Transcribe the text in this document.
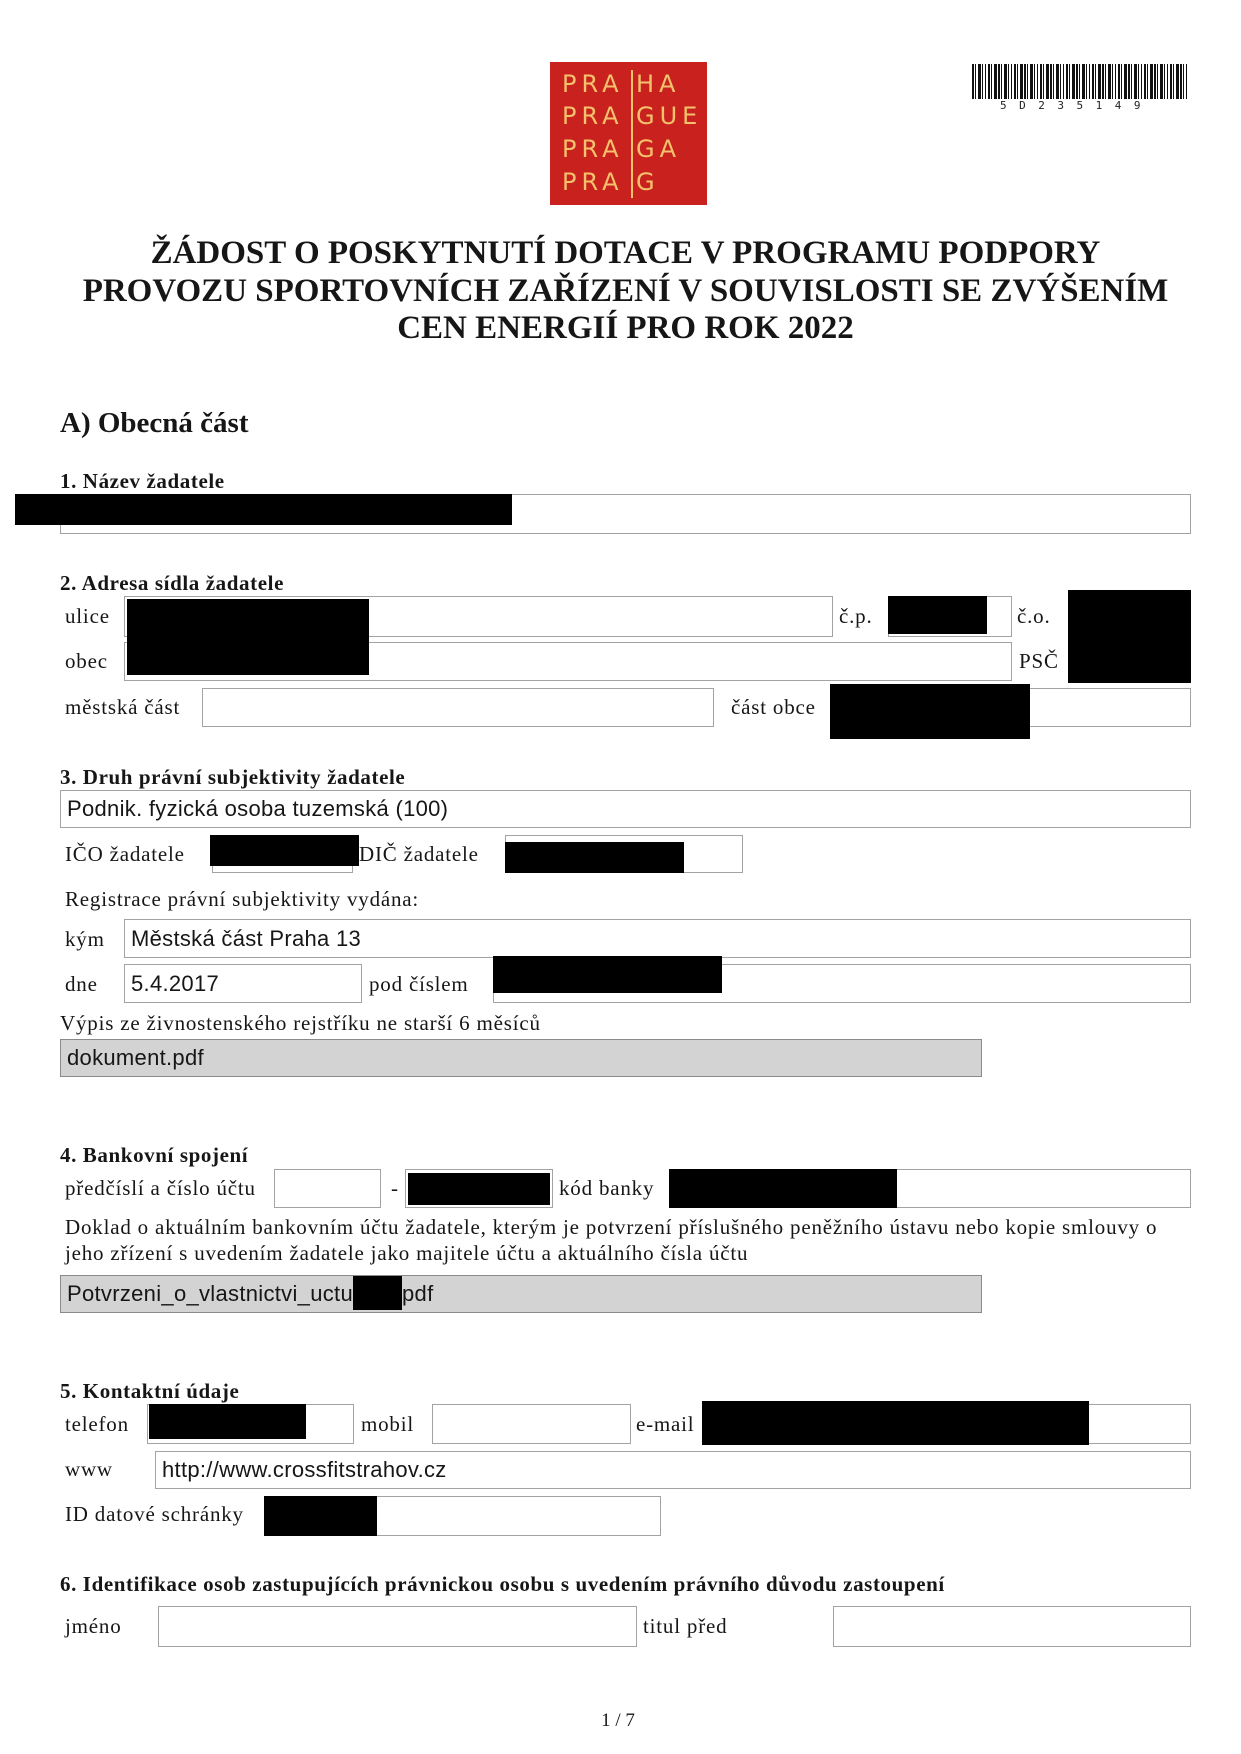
PRA HA
PRA GUE
PRA GA
PRA G
5D235149
ŽÁDOST O POSKYTNUTÍ DOTACE V PROGRAMU PODPORY
PROVOZU SPORTOVNÍCH ZAŘÍZENÍ V SOUVISLOSTI SE ZVÝŠENÍM
CEN ENERGIÍ PRO ROK 2022
A) Obecná část
1. Název žadatele
2. Adresa sídla žadatele
ulice	č.p.	č.o.
obec	PSČ
městská část	část obce
3. Druh právní subjektivity žadatele
Podnik. fyzická osoba tuzemská (100)
IČO žadatele	DIČ žadatele
Registrace právní subjektivity vydána:
kým	Městská část Praha 13
dne	5.4.2017	pod číslem
Výpis ze živnostenského rejstříku ne starší 6 měsíců
dokument.pdf
4. Bankovní spojení
předčíslí a číslo účtu	-	kód banky
Doklad o aktuálním bankovním účtu žadatele, kterým je potvrzení příslušného peněžního ústavu nebo kopie smlouvy o
jeho zřízení s uvedením žadatele jako majitele účtu a aktuálního čísla účtu
Potvrzeni_o_vlastnictvi_uctu pdf
5. Kontaktní údaje
telefon	mobil	e-mail
www	http://www.crossfitstrahov.cz
ID datové schránky
6. Identifikace osob zastupujících právnickou osobu s uvedením právního důvodu zastoupení
jméno	titul před
1 / 7
